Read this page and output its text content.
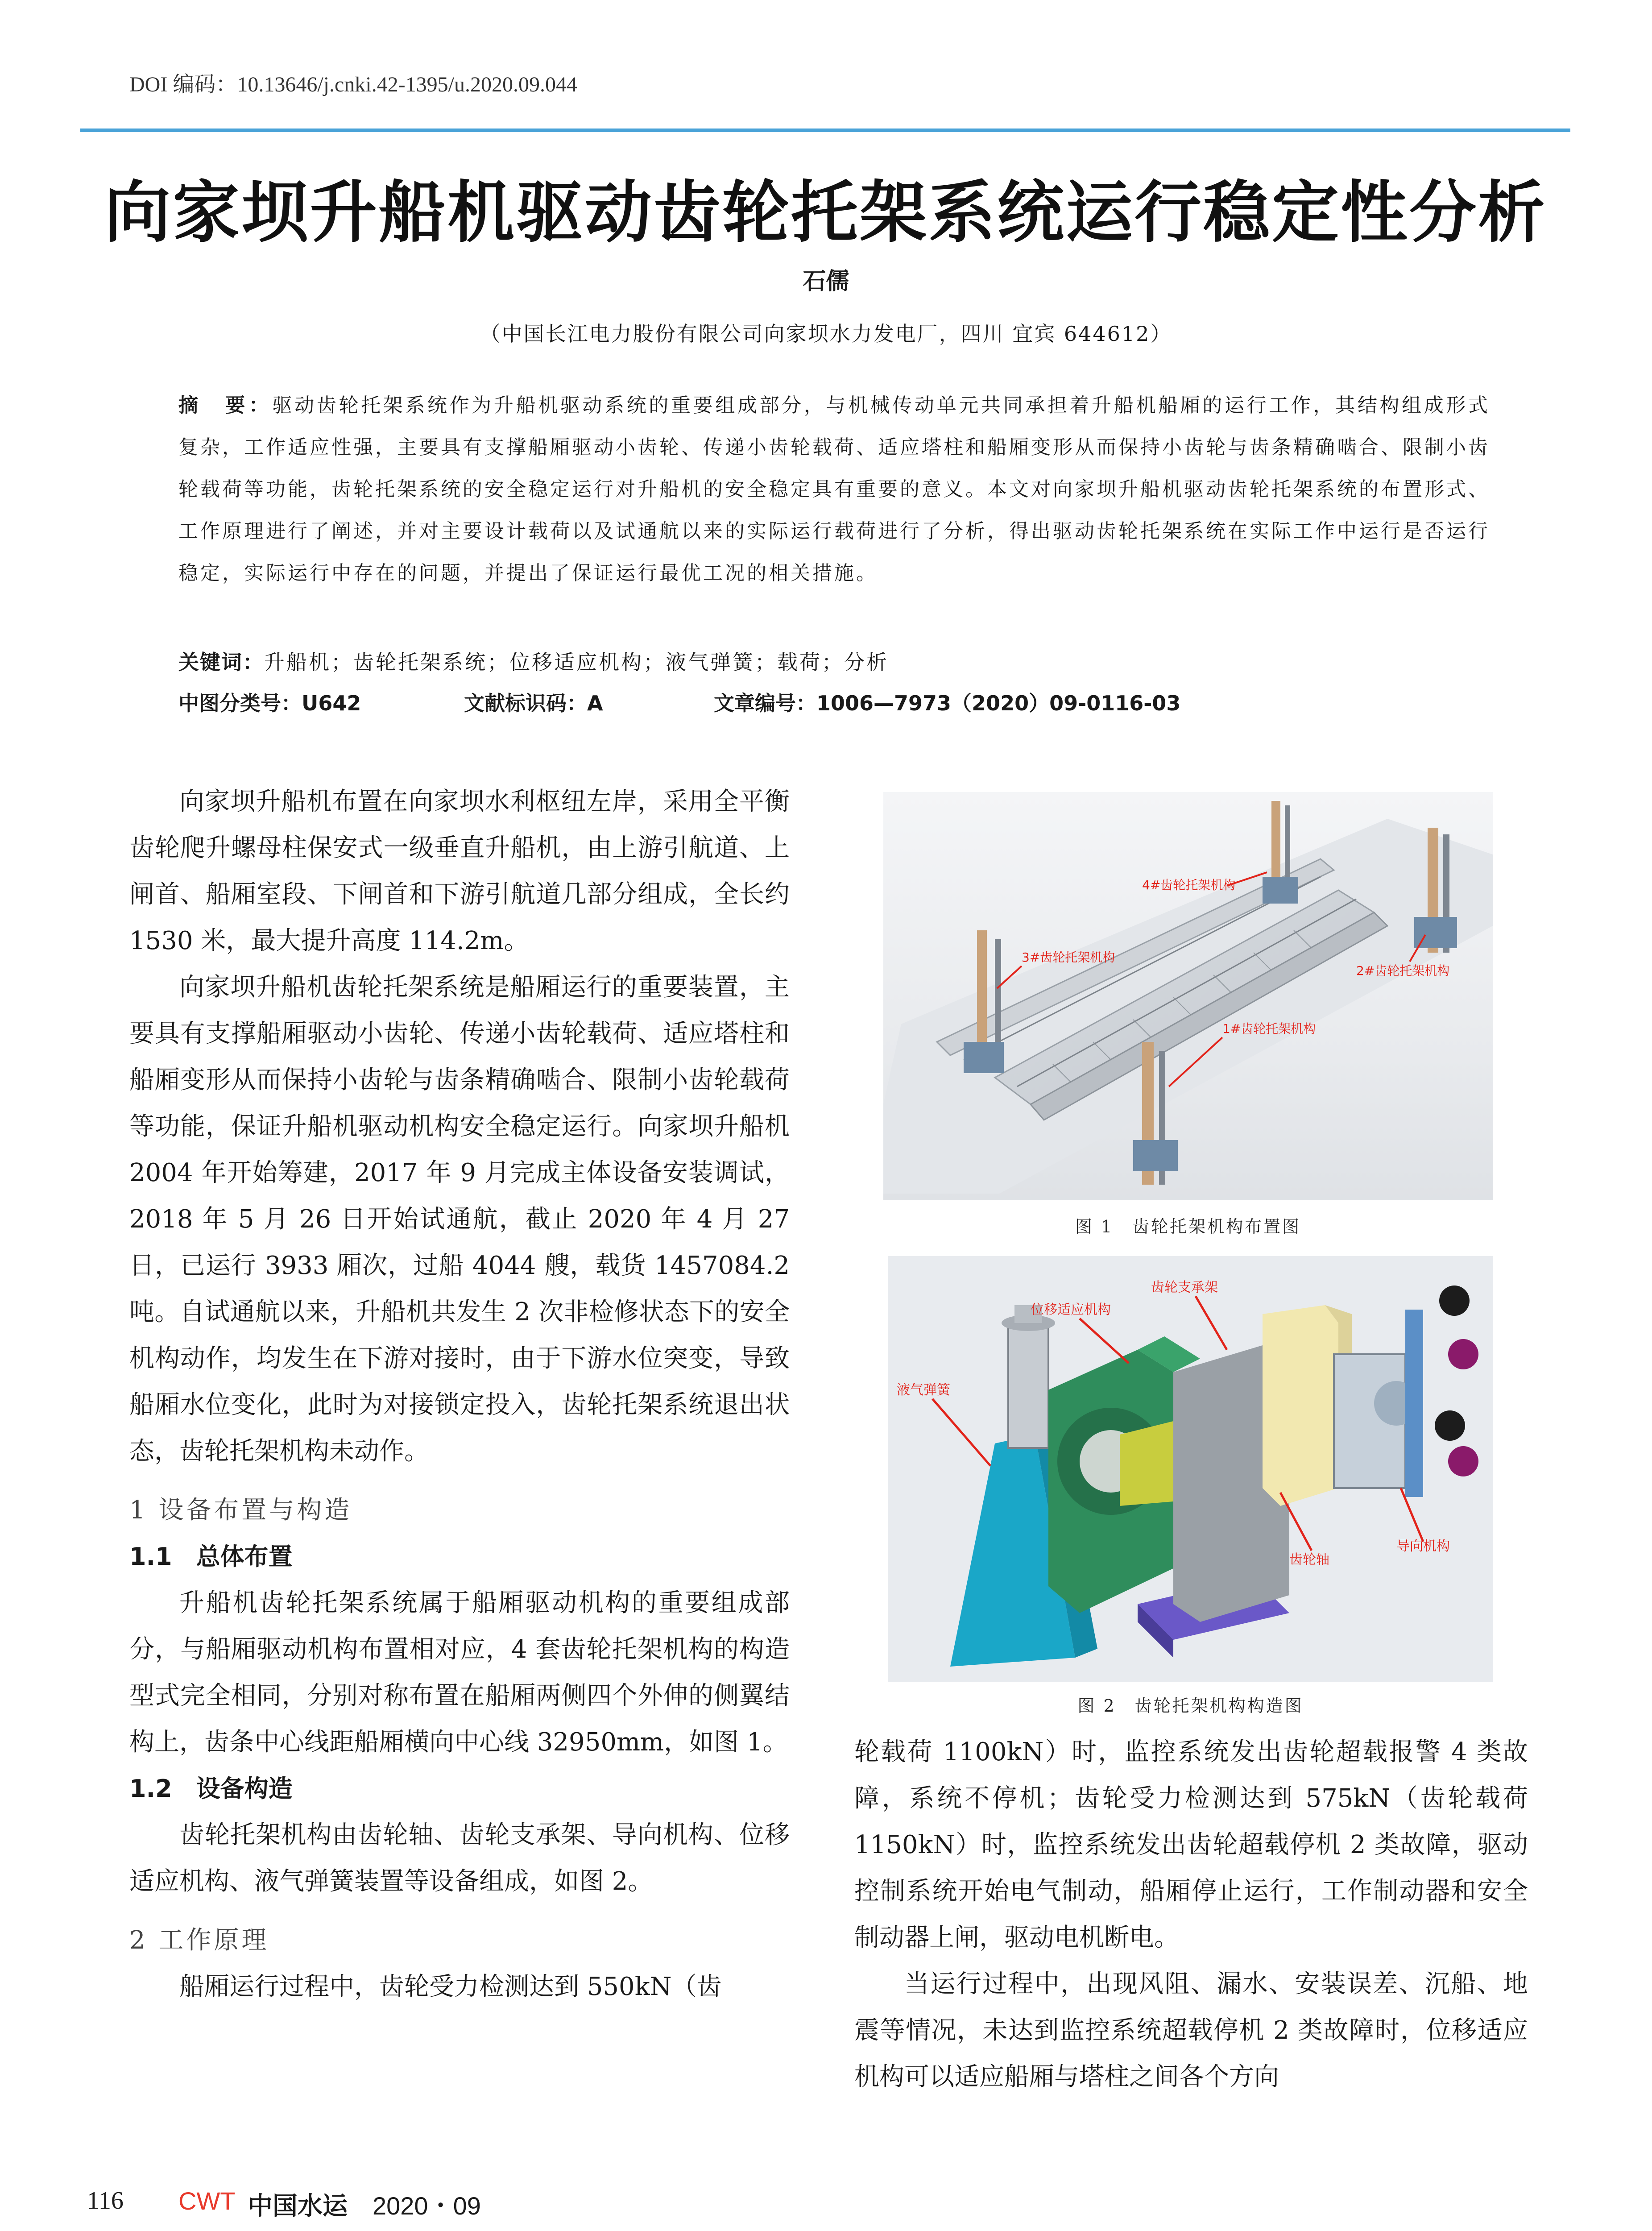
DOI 编码：10.13646/j.cnki.42-1395/u.2020.09.044
向家坝升船机驱动齿轮托架系统运行稳定性分析
石儒
（中国长江电力股份有限公司向家坝水力发电厂，四川 宜宾 644612）
摘　要：驱动齿轮托架系统作为升船机驱动系统的重要组成部分，与机械传动单元共同承担着升船机船厢的运行工作，其结构组成形式复杂，工作适应性强，主要具有支撑船厢驱动小齿轮、传递小齿轮载荷、适应塔柱和船厢变形从而保持小齿轮与齿条精确啮合、限制小齿轮载荷等功能，齿轮托架系统的安全稳定运行对升船机的安全稳定具有重要的意义。本文对向家坝升船机驱动齿轮托架系统的布置形式、工作原理进行了阐述，并对主要设计载荷以及试通航以来的实际运行载荷进行了分析，得出驱动齿轮托架系统在实际工作中运行是否运行稳定，实际运行中存在的问题，并提出了保证运行最优工况的相关措施。
关键词：升船机；齿轮托架系统；位移适应机构；液气弹簧；载荷；分析
中图分类号：U642	文献标识码：A	文章编号：1006—7973（2020）09-0116-03

向家坝升船机布置在向家坝水利枢纽左岸，采用全平衡齿轮爬升螺母柱保安式一级垂直升船机，由上游引航道、上闸首、船厢室段、下闸首和下游引航道几部分组成，全长约 1530 米，最大提升高度 114.2m。

向家坝升船机齿轮托架系统是船厢运行的重要装置，主要具有支撑船厢驱动小齿轮、传递小齿轮载荷、适应塔柱和船厢变形从而保持小齿轮与齿条精确啮合、限制小齿轮载荷等功能，保证升船机驱动机构安全稳定运行。向家坝升船机 2004 年开始筹建，2017 年 9 月完成主体设备安装调试，2018 年 5 月 26 日开始试通航，截止 2020 年 4 月 27 日，已运行 3933 厢次，过船 4044 艘，载货 1457084.2 吨。自试通航以来，升船机共发生 2 次非检修状态下的安全机构动作，均发生在下游对接时，由于下游水位突变，导致船厢水位变化，此时为对接锁定投入，齿轮托架系统退出状态，齿轮托架机构未动作。

1 设备布置与构造

1.1　总体布置

升船机齿轮托架系统属于船厢驱动机构的重要组成部分，与船厢驱动机构布置相对应，4 套齿轮托架机构的构造型式完全相同，分别对称布置在船厢两侧四个外伸的侧翼结构上，齿条中心线距船厢横向中心线 32950mm，如图 1。

1.2　设备构造

齿轮托架机构由齿轮轴、齿轮支承架、导向机构、位移适应机构、液气弹簧装置等设备组成，如图 2。

2 工作原理

船厢运行过程中，齿轮受力检测达到 550kN（齿

4#齿轮托架机构
3#齿轮托架机构
2#齿轮托架机构
1#齿轮托架机构
图 1　齿轮托架机构布置图
齿轮支承架
位移适应机构
液气弹簧
导向机构
齿轮轴
图 2　齿轮托架机构构造图

轮载荷 1100kN）时，监控系统发出齿轮超载报警 4 类故障，系统不停机；齿轮受力检测达到 575kN（齿轮载荷 1150kN）时，监控系统发出齿轮超载停机 2 类故障，驱动控制系统开始电气制动，船厢停止运行，工作制动器和安全制动器上闸，驱动电机断电。

当运行过程中，出现风阻、漏水、安装误差、沉船、地震等情况，未达到监控系统超载停机 2 类故障时，位移适应机构可以适应船厢与塔柱之间各个方向

116 CWT 中国水运 2020・09
